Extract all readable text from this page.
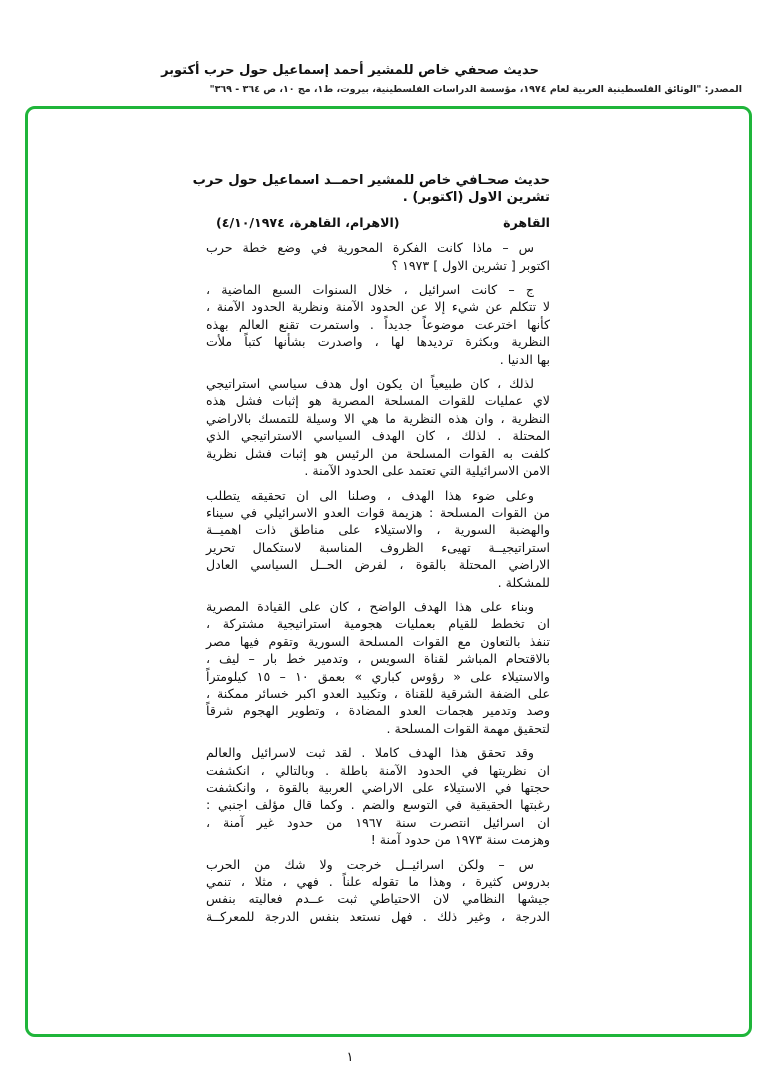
حديث صحفي خاص للمشير أحمد إسماعيل حول حرب أكتوبر
المصدر: "الوثائق الفلسطينية العربية لعام ١٩٧٤، مؤسسة الدراسات الفلسطينية، بيروت، ط١، مج ١٠، ص ٣٦٤ - ٣٦٩"
حديث صحـافي خاص للمشير احمــد اسماعيل حول حرب
تشرين الاول (اكتوبر) .
القاهرة
(الاهرام، القاهرة، ٤/١٠/١٩٧٤)
س – ماذا كانت الفكرة المحورية في وضع خطة حرب
اكتوبر [ تشرين الاول ] ١٩٧٣ ؟
ج – كانت اسرائيل ، خلال السنوات السبع الماضية ،
لا تتكلم عن شيء إلا عن الحدود الآمنة ونظرية الحدود الآمنة ،
كأنها اخترعت موضوعاً جديداً . واستمرت تقنع العالم بهذه
النظرية وبكثرة ترديدها لها ، واصدرت بشأنها كتباً ملأت
بها الدنيا .
لذلك ، كان طبيعياً ان يكون اول هدف سياسي استراتيجي
لاي عمليات للقوات المسلحة المصرية هو إثبات فشل هذه
النظرية ، وان هذه النظرية ما هي الا وسيلة للتمسك بالاراضي
المحتلة . لذلك ، كان الهدف السياسي الاستراتيجي الذي
كلفت به القوات المسلحة من الرئيس هو إثبات فشل نظرية
الامن الاسرائيلية التي تعتمد على الحدود الآمنة .
وعلى ضوء هذا الهدف ، وصلنا الى ان تحقيقه يتطلب
من القوات المسلحة : هزيمة قوات العدو الاسرائيلي في سيناء
والهضبة السورية ، والاستيلاء على مناطق ذات اهميــة
استراتيجيــة تهيىء الظروف المناسبة لاستكمال تحرير
الاراضي المحتلة بالقوة ، لفرض الحــل السياسي العادل
للمشكلة .
وبناء على هذا الهدف الواضح ، كان على القيادة المصرية
ان تخطط للقيام بعمليات هجومية استراتيجية مشتركة ،
تنفذ بالتعاون مع القوات المسلحة السورية وتقوم فيها مصر
بالاقتحام المباشر لقناة السويس ، وتدمير خط بار – ليف ،
والاستيلاء على « رؤوس كباري » بعمق ١٠ – ١٥ كيلومتراً
على الضفة الشرقية للقناة ، وتكبيد العدو اكبر خسائر ممكنة ،
وصد وتدمير هجمات العدو المضادة ، وتطوير الهجوم شرقاً
لتحقيق مهمة القوات المسلحة .
وقد تحقق هذا الهدف كاملا . لقد ثبت لاسرائيل والعالم
ان نظريتها في الحدود الآمنة باطلة . وبالتالي ، انكشفت
حجتها في الاستيلاء على الاراضي العربية بالقوة ، وانكشفت
رغبتها الحقيقية في التوسع والضم . وكما قال مؤلف اجنبي :
ان اسرائيل انتصرت سنة ١٩٦٧ من حدود غير آمنة ،
وهزمت سنة ١٩٧٣ من حدود آمنة !
س – ولكن اسرائيــل خرجت ولا شك من الحرب
بدروس كثيرة ، وهذا ما تقوله علناً . فهي ، مثلا ، تنمي
جيشها النظامي لان الاحتياطي ثبت عــدم فعاليته بنفس
الدرجة ، وغير ذلك . فهل نستعد بنفس الدرجة للمعركــة
١
